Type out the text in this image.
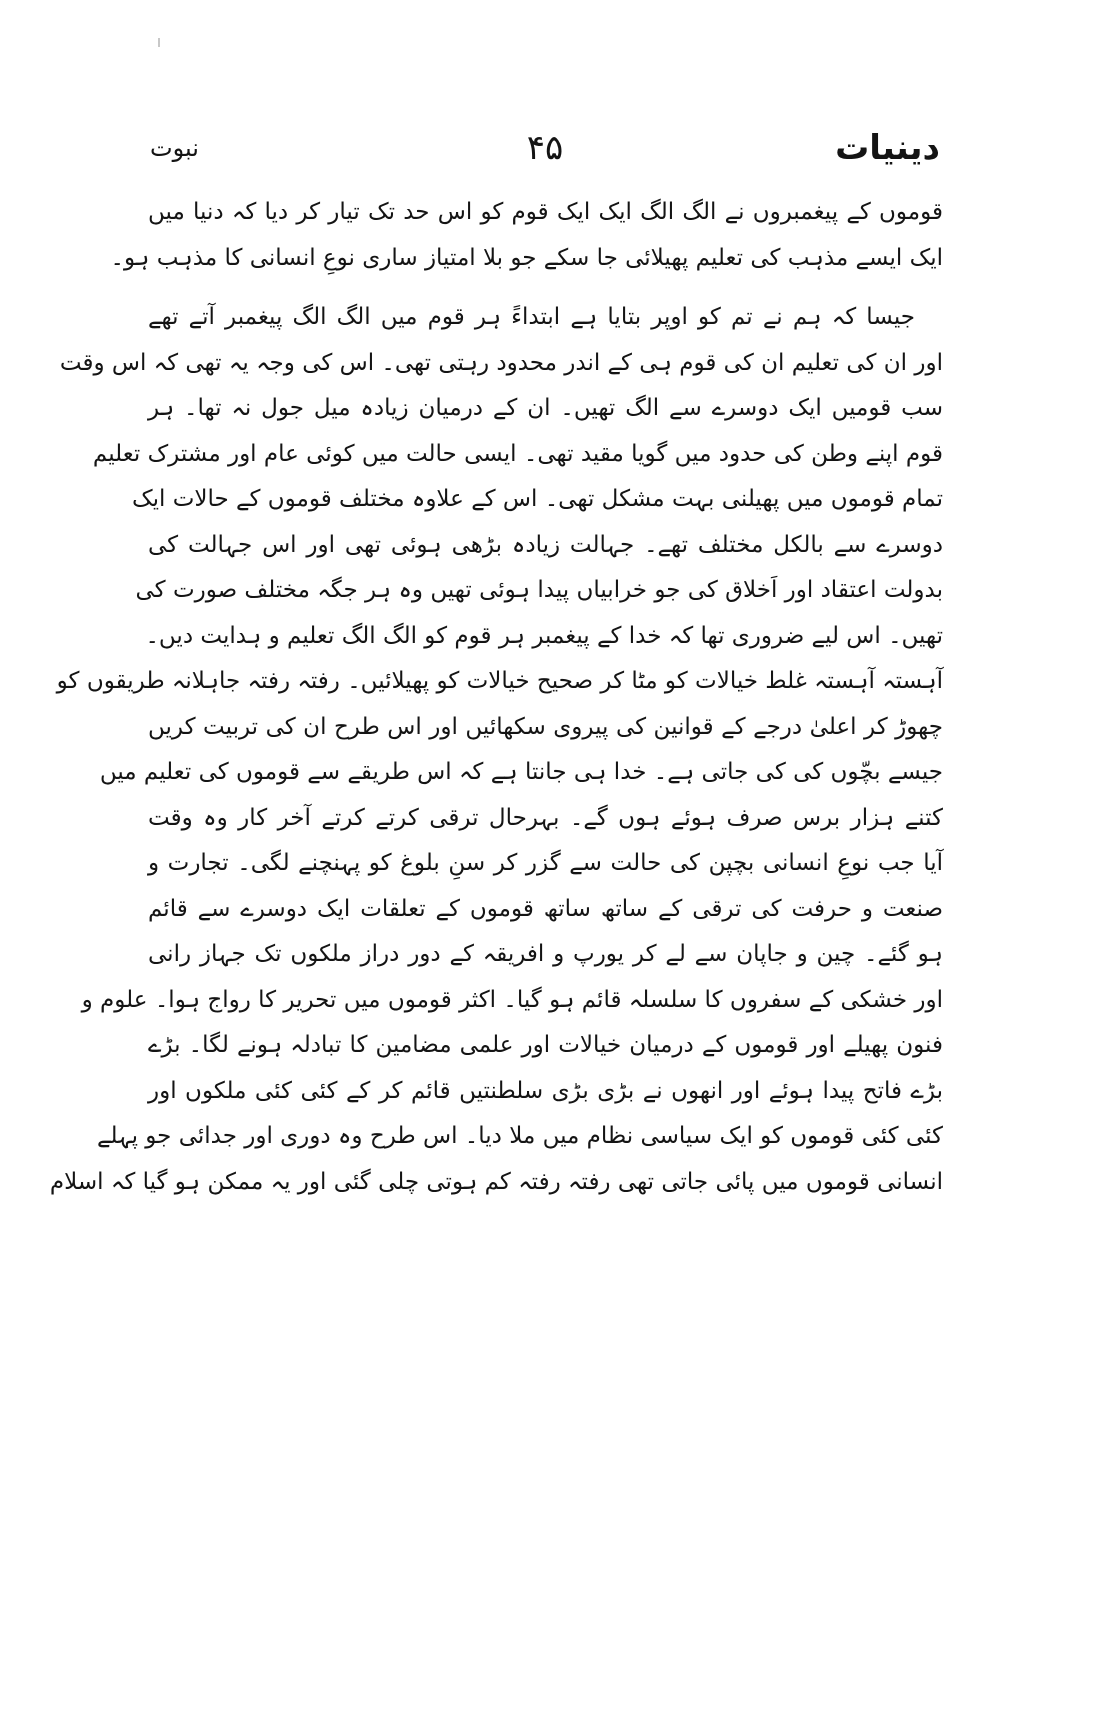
دینیات
۴۵
نبوت
قوموں کے پیغمبروں نے الگ الگ ایک ایک قوم کو اس حد تک تیار کر دیا کہ دنیا میں
ایک ایسے مذہب کی تعلیم پھیلائی جا سکے جو بلا امتیاز ساری نوعِ انسانی کا مذہب ہو۔
جیسا کہ ہم نے تم کو اوپر بتایا ہے ابتداءً ہر قوم میں الگ الگ پیغمبر آتے تھے
اور ان کی تعلیم ان کی قوم ہی کے اندر محدود رہتی تھی۔ اس کی وجہ یہ تھی کہ اس وقت
سب قومیں ایک دوسرے سے الگ تھیں۔ ان کے درمیان زیادہ میل جول نہ تھا۔ ہر
قوم اپنے وطن کی حدود میں گویا مقید تھی۔ ایسی حالت میں کوئی عام اور مشترک تعلیم
تمام قوموں میں پھیلنی بہت مشکل تھی۔ اس کے علاوہ مختلف قوموں کے حالات ایک
دوسرے سے بالکل مختلف تھے۔ جہالت زیادہ بڑھی ہوئی تھی اور اس جہالت کی
بدولت اعتقاد اور اَخلاق کی جو خرابیاں پیدا ہوئی تھیں وہ ہر جگہ مختلف صورت کی
تھیں۔ اس لیے ضروری تھا کہ خدا کے پیغمبر ہر قوم کو الگ الگ تعلیم و ہدایت دیں۔
آہستہ آہستہ غلط خیالات کو مٹا کر صحیح خیالات کو پھیلائیں۔ رفتہ رفتہ جاہلانہ طریقوں کو
چھوڑ کر اعلیٰ درجے کے قوانین کی پیروی سکھائیں اور اس طرح ان کی تربیت کریں
جیسے بچّوں کی کی جاتی ہے۔ خدا ہی جانتا ہے کہ اس طریقے سے قوموں کی تعلیم میں
کتنے ہزار برس صرف ہوئے ہوں گے۔ بہرحال ترقی کرتے کرتے آخر کار وہ وقت
آیا جب نوعِ انسانی بچپن کی حالت سے گزر کر سنِ بلوغ کو پہنچنے لگی۔ تجارت و
صنعت و حرفت کی ترقی کے ساتھ ساتھ قوموں کے تعلقات ایک دوسرے سے قائم
ہو گئے۔ چین و جاپان سے لے کر یورپ و افریقہ کے دور دراز ملکوں تک جہاز رانی
اور خشکی کے سفروں کا سلسلہ قائم ہو گیا۔ اکثر قوموں میں تحریر کا رواج ہوا۔ علوم و
فنون پھیلے اور قوموں کے درمیان خیالات اور علمی مضامین کا تبادلہ ہونے لگا۔ بڑے
بڑے فاتح پیدا ہوئے اور انھوں نے بڑی بڑی سلطنتیں قائم کر کے کئی کئی ملکوں اور
کئی کئی قوموں کو ایک سیاسی نظام میں ملا دیا۔ اس طرح وہ دوری اور جدائی جو پہلے
انسانی قوموں میں پائی جاتی تھی رفتہ رفتہ کم ہوتی چلی گئی اور یہ ممکن ہو گیا کہ اسلام
